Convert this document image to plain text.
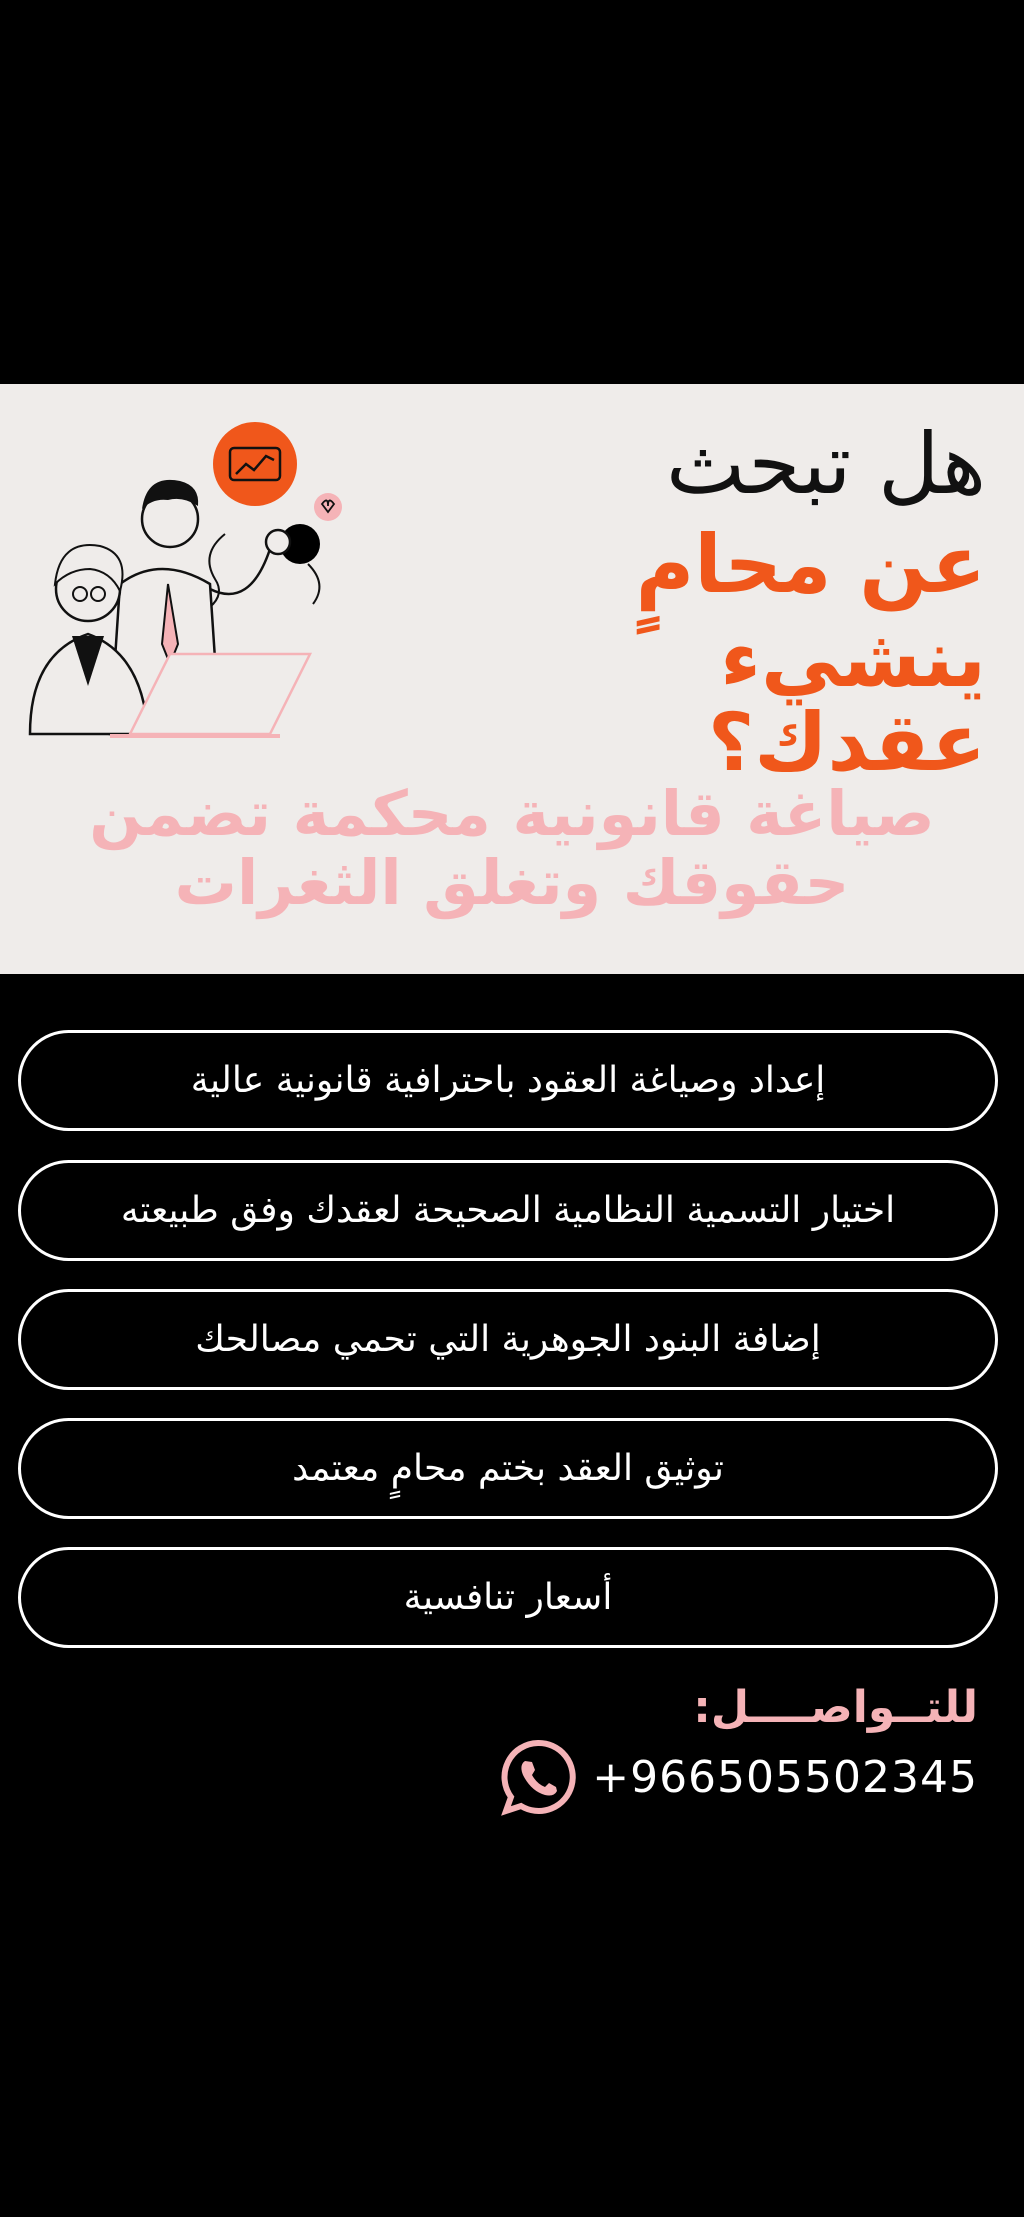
هل تبحث

عن محامٍ

ينشيء عقدك؟

صياغة قانونية محكمة تضمن حقوقك وتغلق الثغرات
إعداد وصياغة العقود باحترافية قانونية عالية
اختيار التسمية النظامية الصحيحة لعقدك وفق طبيعته
إضافة البنود الجوهرية التي تحمي مصالحك
توثيق العقد بختم محامٍ معتمد
أسعار تنافسية
للتــواصــــل:
+966505502345
